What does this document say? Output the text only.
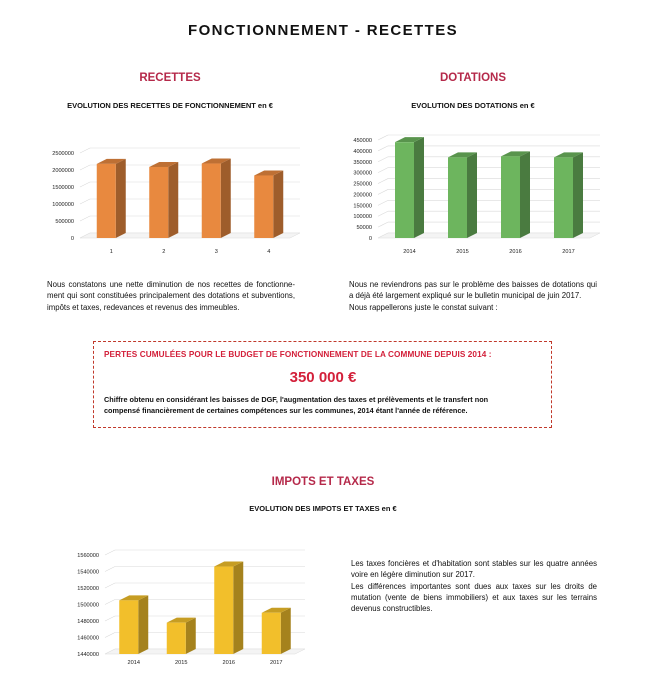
FONCTIONNEMENT - RECETTES
RECETTES
EVOLUTION DES RECETTES DE FONCTIONNEMENT en €
0
500000
1000000
1500000
2000000
2500000
1	2	3	4
Nous constatons une nette diminution de nos recettes de fonctionne-
ment qui sont constituées principalement des dotations et subventions,
impôts et taxes, redevances et revenus des immeubles.
DOTATIONS
EVOLUTION DES DOTATIONS en €
0
50000
100000
150000
200000
250000
300000
350000
400000
450000
2014	2015	2016	2017
Nous ne reviendrons pas sur le problème des baisses de dotations qui
a déjà été largement expliqué sur le bulletin municipal de juin 2017.
Nous rappellerons juste le constat suivant :
PERTES CUMULÉES POUR LE BUDGET DE FONCTIONNEMENT DE LA COMMUNE DEPUIS 2014 :
350 000 €
Chiffre obtenu en considérant les baisses de DGF, l'augmentation des taxes et prélèvements et le transfert non
compensé financièrement de certaines compétences sur les communes, 2014 étant l'année de référence.
IMPOTS ET TAXES
EVOLUTION DES IMPOTS ET TAXES en €
1440000
1460000
1480000
1500000
1520000
1540000
1560000
2014	2015	2016	2017
Les taxes foncières et d'habitation sont stables sur les quatre années
voire en légère diminution sur 2017.
Les différences importantes sont dues aux taxes sur les droits de
mutation (vente de biens immobiliers) et aux taxes sur les terrains
devenus constructibles.
